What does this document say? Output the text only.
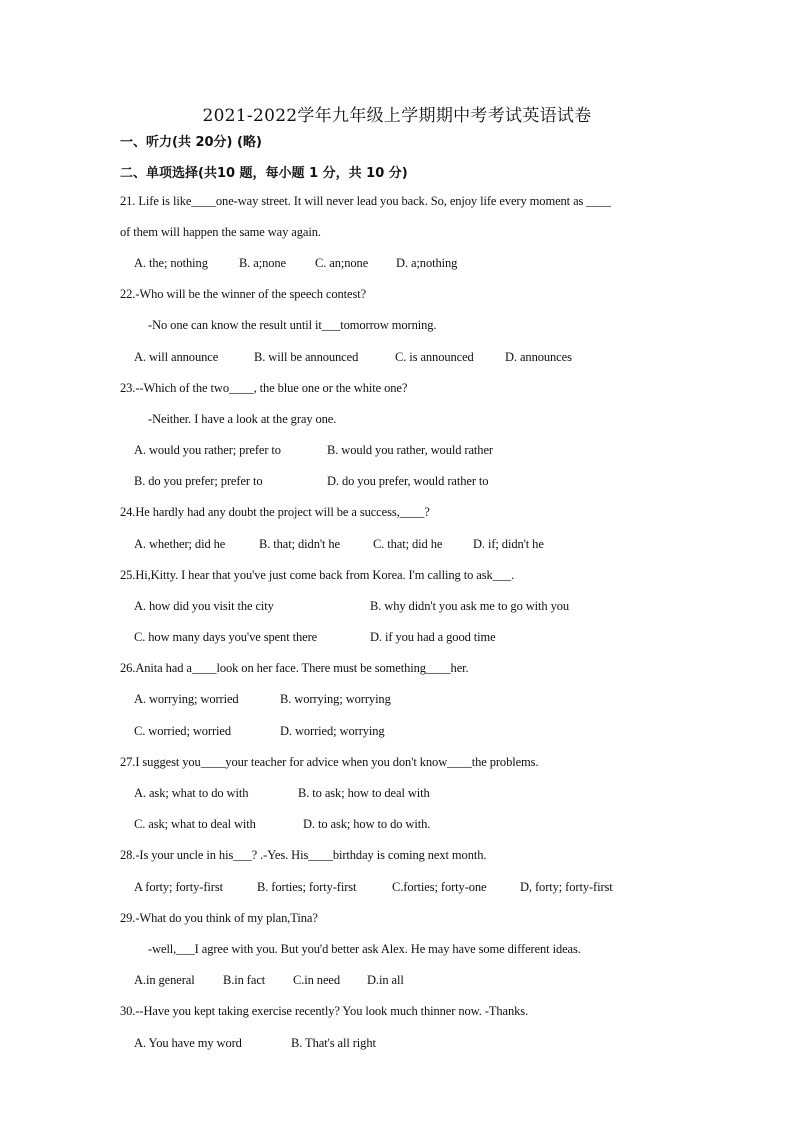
2021-2022学年九年级上学期期中考考试英语试卷
一、听力(共 20分) (略)
二、单项选择(共10 题，每小题 1 分，共 10 分)
21. Life is like____one-way street. It will never lead you back. So, enjoy life every moment as ____
of them will happen the same way again.
A. the; nothing B. a;none C. an;none D. a;nothing
22.-Who will be the winner of the speech contest?
-No one can know the result until it___tomorrow morning.
A. will announce	B. will be announced	C. is announced	D. announces
23.--Which of the two____, the blue one or the white one?
-Neither. I have a look at the gray one.
A. would you rather; prefer to	B. would you rather, would rather
B. do you prefer; prefer to	D. do you prefer, would rather to
24.He hardly had any doubt the project will be a success,____?
A. whether; did he	B. that; didn't he	C. that; did he D. if; didn't he
25.Hi,Kitty. I hear that you've just come back from Korea. I'm calling to ask___.
A. how did you visit the city	B. why didn't you ask me to go with you
C. how many days you've spent there	D. if you had a good time
26.Anita had a____look on her face. There must be something____her.
A. worrying; worried	B. worrying; worrying
C. worried; worried	D. worried; worrying
27.I suggest you____your teacher for advice when you don't know____the problems.
A. ask; what to do with	B. to ask; how to deal with
C. ask; what to deal with	D. to ask; how to do with.
28.-Is your uncle in his___? .-Yes. His____birthday is coming next month.
A forty; forty-first	B. forties; forty-first	C.forties; forty-one	D, forty; forty-first
29.-What do you think of my plan,Tina?
-well,___I agree with you. But you'd better ask Alex. He may have some different ideas.
A.in general B.in fact C.in need D.in all
30.--Have you kept taking exercise recently? You look much thinner now. -Thanks.
A. You have my word	B. That's all right
